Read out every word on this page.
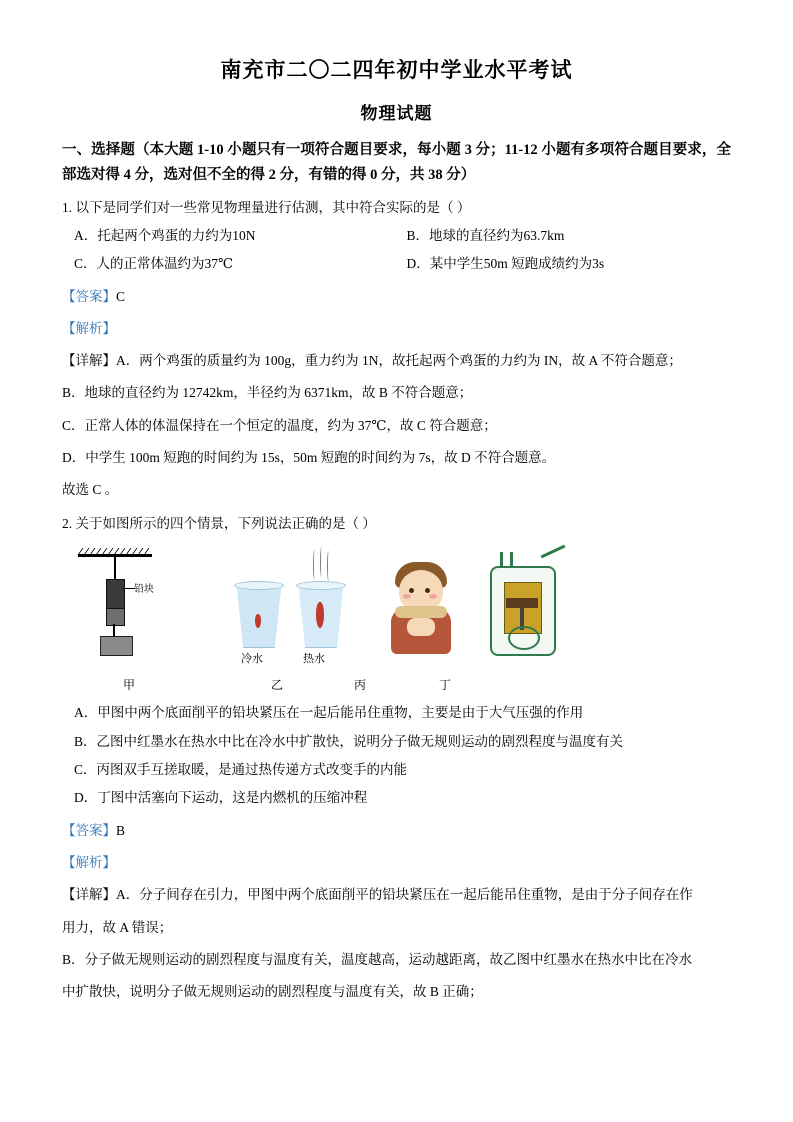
南充市二〇二四年初中学业水平考试
物理试题
一、选择题（本大题 1-10 小题只有一项符合题目要求，每小题 3 分；11-12 小题有多项符合题目要求，全部选对得 4 分，选对但不全的得 2 分，有错的得 0 分，共 38 分）
1. 以下是同学们对一些常见物理量进行估测，其中符合实际的是（ ）
A．托起两个鸡蛋的力约为10N	B．地球的直径约为63.7km
C．人的正常体温约为37℃	D．某中学生50m 短跑成绩约为3s
【答案】C
【解析】
【详解】A．两个鸡蛋的质量约为 100g，重力约为 1N，故托起两个鸡蛋的力约为 IN，故 A 不符合题意；
B．地球的直径约为 12742km，半径约为 6371km，故 B 不符合题意；
C．正常人体的体温保持在一个恒定的温度，约为 37℃，故 C 符合题意；
D．中学生 100m 短跑的时间约为 15s，50m 短跑的时间约为 7s，故 D 不符合题意。
故选 C 。
2. 关于如图所示的四个情景，下列说法正确的是（ ）
铅块
冷水	热水
甲	乙	丙	丁
A．甲图中两个底面削平的铅块紧压在一起后能吊住重物，主要是由于大气压强的作用
B．乙图中红墨水在热水中比在冷水中扩散快，说明分子做无规则运动的剧烈程度与温度有关
C．丙图双手互搓取暖，是通过热传递方式改变手的内能
D．丁图中活塞向下运动，这是内燃机的压缩冲程
【答案】B
【解析】
【详解】A．分子间存在引力，甲图中两个底面削平的铅块紧压在一起后能吊住重物，是由于分子间存在作
用力，故 A 错误；
B．分子做无规则运动的剧烈程度与温度有关，温度越高，运动越距离，故乙图中红墨水在热水中比在冷水
中扩散快，说明分子做无规则运动的剧烈程度与温度有关，故 B 正确；
